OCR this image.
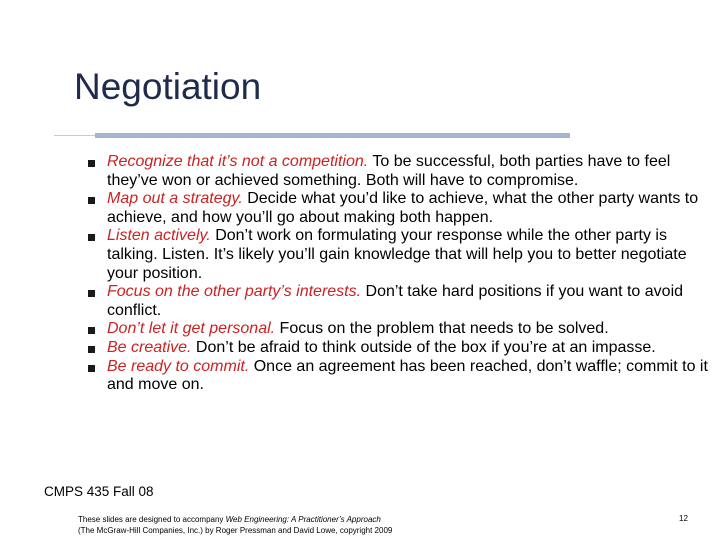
Negotiation
Recognize that it’s not a competition. To be successful, both parties have to feel they’ve won or achieved something. Both will have to compromise.
Map out a strategy. Decide what you’d like to achieve, what the other party wants to achieve, and how you’ll go about making both happen.
Listen actively. Don’t work on formulating your response while the other party is talking. Listen. It’s likely you’ll gain knowledge that will help you to better negotiate your position.
Focus on the other party’s interests. Don’t take hard positions if you want to avoid conflict.
Don’t let it get personal. Focus on the problem that needs to be solved.
Be creative. Don’t be afraid to think outside of the box if you’re at an impasse.
Be ready to commit. Once an agreement has been reached, don’t waffle; commit to it and move on.
CMPS 435 Fall 08
These slides are designed to accompany Web Engineering: A Practitioner’s Approach
(The McGraw-Hill Companies, Inc.) by Roger Pressman and David Lowe, copyright 2009
12
